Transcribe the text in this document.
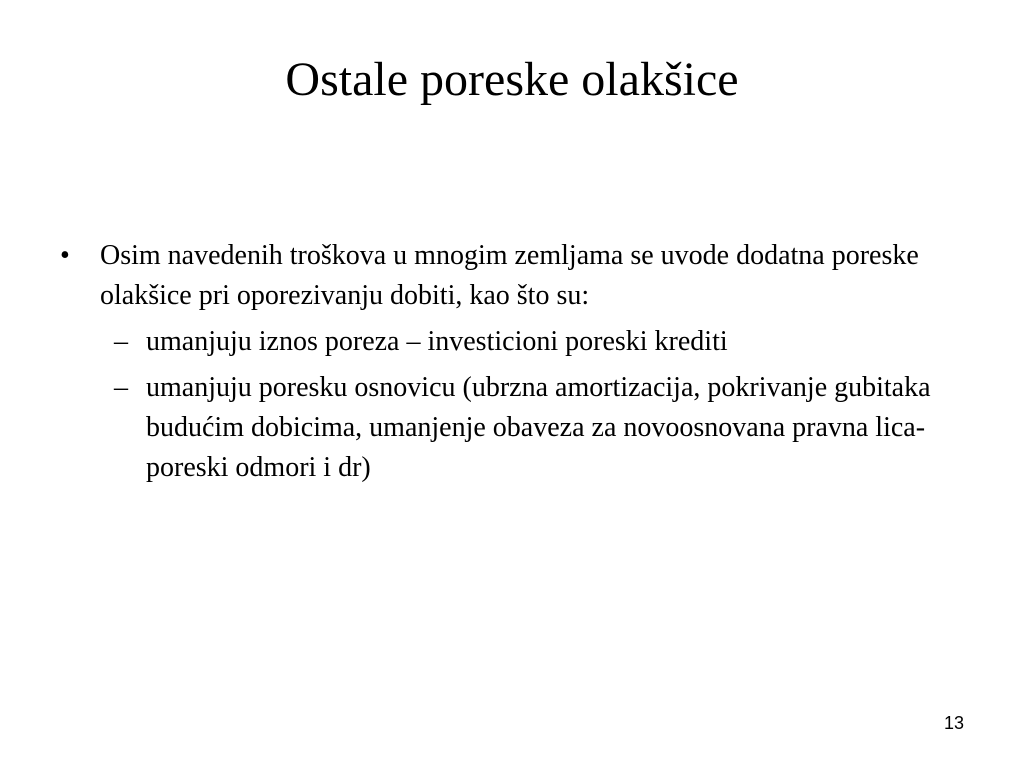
Ostale poreske olakšice
•	Osim navedenih troškova u mnogim zemljama se uvode dodatna poreske olakšice pri oporezivanju dobiti, kao što su:
– umanjuju iznos poreza – investicioni poreski krediti
– umanjuju poresku osnovicu (ubrzna amortizacija, pokrivanje gubitaka budućim dobicima, umanjenje obaveza za novoosnovana pravna lica- poreski odmori i dr)
13
